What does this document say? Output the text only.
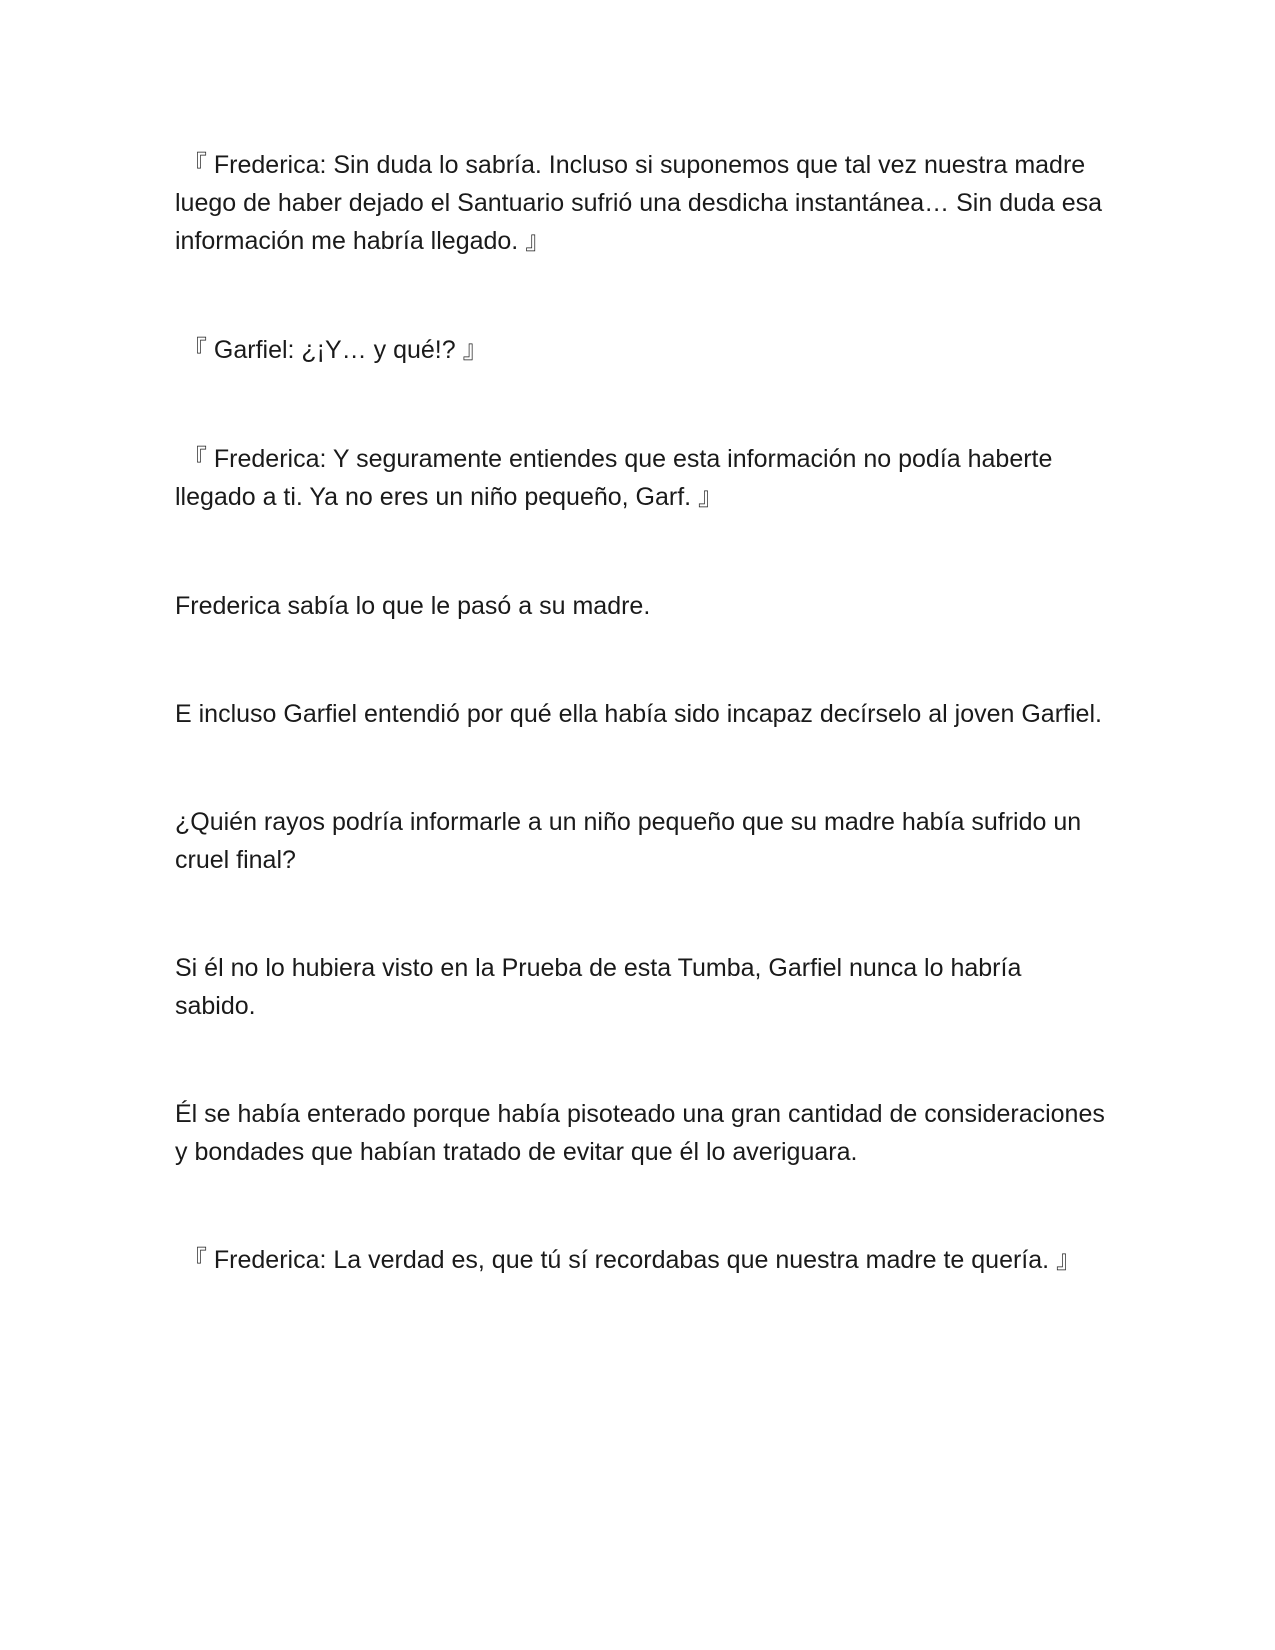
『 Frederica: Sin duda lo sabría. Incluso si suponemos que tal vez nuestra madre luego de haber dejado el Santuario sufrió una desdicha instantánea… Sin duda esa información me habría llegado. 』

『 Garfiel: ¿¡Y… y qué!? 』

『 Frederica: Y seguramente entiendes que esta información no podía haberte llegado a ti. Ya no eres un niño pequeño, Garf. 』

Frederica sabía lo que le pasó a su madre.

E incluso Garfiel entendió por qué ella había sido incapaz decírselo al joven Garfiel.

¿Quién rayos podría informarle a un niño pequeño que su madre había sufrido un cruel final?

Si él no lo hubiera visto en la Prueba de esta Tumba, Garfiel nunca lo habría sabido.

Él se había enterado porque había pisoteado una gran cantidad de consideraciones y bondades que habían tratado de evitar que él lo averiguara.

『 Frederica: La verdad es, que tú sí recordabas que nuestra madre te quería. 』
